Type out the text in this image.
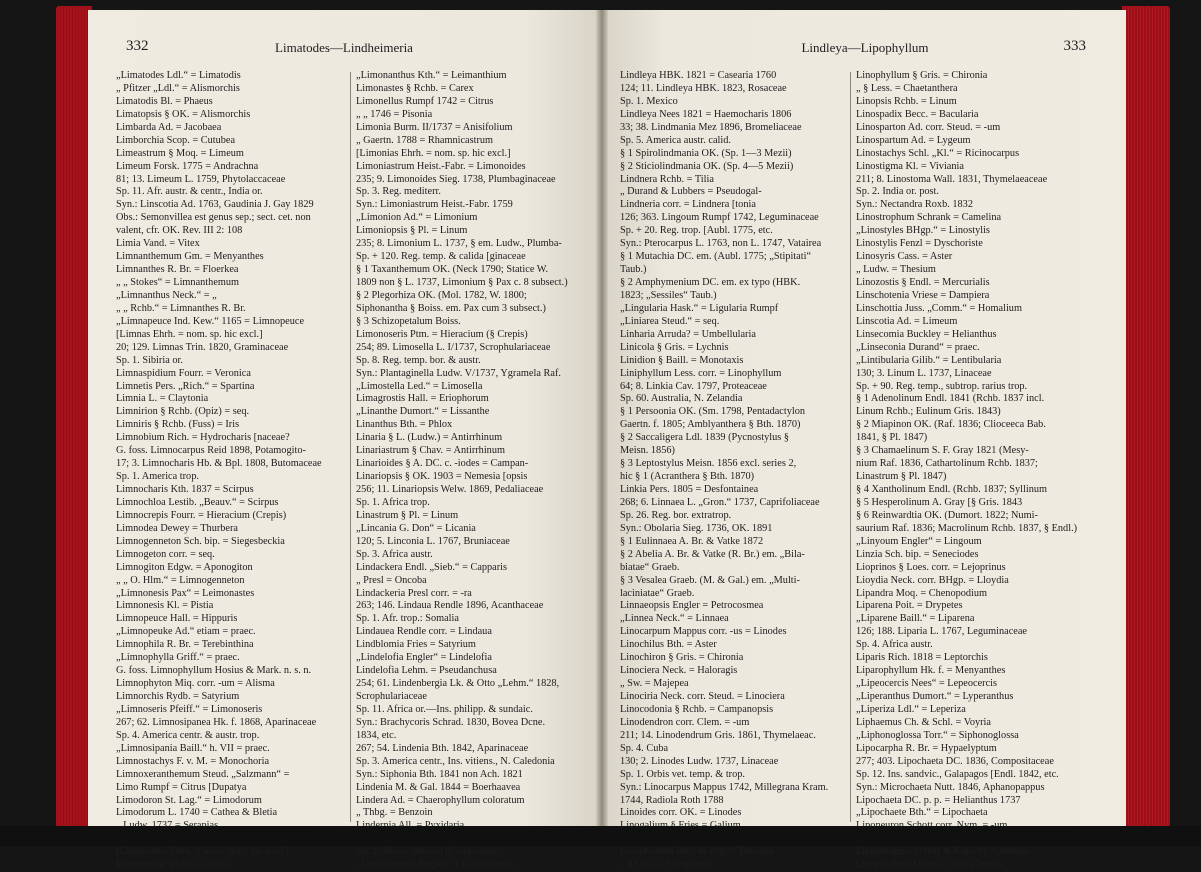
332	Limatodes—Lindheimeria
„Limatodes Ldl.“ = Limatodis
„ Pfitzer „Ldl.“ = Alismorchis
Limatodis Bl. = Phaeus
Limatopsis § OK. = Alismorchis
Limbarda Ad. = Jacobaea
Limborchia Scop. = Cutubea
Limeastrum § Moq. = Limeum
Limeum Forsk. 1775 = Andrachna
81; 13. Limeum L. 1759, Phytolaccaceae
Sp. 11. Afr. austr. & centr., India or.
Syn.: Linscotia Ad. 1763, Gaudinia J. Gay 1829
Obs.: Semonvillea est genus sep.; sect. cet. non
valent, cfr. OK. Rev. III 2: 108
Limia Vand. = Vitex
Limnanthemum Gm. = Menyanthes
Limnanthes R. Br. = Floerkea
„ „ Stokes“ = Limnanthemum
„Limnanthus Neck.“ = „
„ „ Rchb.“ = Limnanthes R. Br.
„Limnapeuce Ind. Kew.“ 1165 = Limnopeuce
[Limnas Ehrh. = nom. sp. hic excl.]
20; 129. Limnas Trin. 1820, Graminaceae
Sp. 1. Sibiria or.
Limnaspidium Fourr. = Veronica
Limnetis Pers. „Rich.“ = Spartina
Limnia L. = Claytonia
Limnirion § Rchb. (Opiz) = seq.
Limniris § Rchb. (Fuss) = Iris
Limnobium Rich. = Hydrocharis [naceae?
G. foss. Limnocarpus Reid 1898, Potamogito-
17; 3. Limnocharis Hb. & Bpl. 1808, Butomaceae
Sp. 1. America trop.
Limnocharis Kth. 1837 = Scirpus
Limnochloa Lestib. „Beauv.“ = Scirpus
Limnocrepis Fourr. = Hieracium (Crepis)
Limnodea Dewey = Thurbera
Limnogenneton Sch. bip. = Siegesbeckia
Limnogeton corr. = seq.
Limnogiton Edgw. = Aponogiton
„ „ O. Hlm.“ = Limnogenneton
„Limnonesis Pax“ = Leimonastes
Limnonesis Kl. = Pistia
Limnopeuce Hall. = Hippuris
„Limnopeuke Ad.“ etiam = praec.
Limnophila R. Br. = Terebinthina
„Limnophylla Griff.“ = praec.
G. foss. Limnophyllum Hosius & Mark. n. s. n.
Limnophyton Miq. corr. -um = Alisma
Limnorchis Rydb. = Satyrium
„Limnoseris Pfeiff.“ = Limonoseris
267; 62. Limnosipanea Hk. f. 1868, Aparinaceae
Sp. 4. America centr. & austr. trop.
„Limnosipania Baill.“ h. VII = praec.
Limnostachys F. v. M. = Monochoria
Limnoxeranthemum Steud. „Salzmann“ =
Limo Rumpf = Citrus [Dupatya
Limodoron St. Lag.“ = Limodorum
Limodorum L. 1740 = Cathea & Bletia
[Limonaetes Ehrh. = nom. spec. hic excl.]
Limonanthe § Link = Scilla
„Limonanthus Kth.“ = Leimanthium
Limonastes § Rchb. = Carex
Limonellus Rumpf 1742 = Citrus
„ „ 1746 = Pisonia
Limonia Burm. II/1737 = Anisifolium
„ Gaertn. 1788 = Rhamnicastrum
[Limonias Ehrh. = nom. sp. hic excl.]
Limoniastrum Heist.-Fabr. = Limonoides
235; 9. Limonoides Sieg. 1738, Plumbaginaceae
Sp. 3. Reg. mediterr.
Syn.: Limoniastrum Heist.-Fabr. 1759
„Limonion Ad.“ = Limonium
Limoniopsis § Pl. = Linum
235; 8. Limonium L. 1737, § em. Ludw., Plumba-
Sp. + 120. Reg. temp. & calida [ginaceae
§ 1 Taxanthemum OK. (Neck 1790; Statice W.
1809 non § L. 1737, Limonium § Pax c. 8 subsect.)
§ 2 Plegorhiza OK. (Mol. 1782, W. 1800;
Siphonantha § Boiss. em. Pax cum 3 subsect.)
§ 3 Schizopetalum Boiss.
Limonoseris Ptm. = Hieracium (§ Crepis)
254; 89. Limosella L. I/1737, Scrophulariaceae
Sp. 8. Reg. temp. bor. & austr.
Syn.: Plantaginella Ludw. V/1737, Ygramela Raf.
„Limostella Led.“ = Limosella
Limagrostis Hall. = Eriophorum
„Linanthe Dumort.“ = Lissanthe
Linanthus Bth. = Phlox
Linaria § L. (Ludw.) = Antirrhinum
Linariastrum § Chav. = Antirrhinum
Linarioides § A. DC. c. -iodes = Campan-
Linariopsis § OK. 1903 = Nemesia [opsis
256; 11. Linariopsis Welw. 1869, Pedaliaceae
Sp. 1. Africa trop.
Linastrum § Pl. = Linum
„Lincania G. Don“ = Licania
120; 5. Linconia L. 1767, Bruniaceae
Sp. 3. Africa austr.
Lindackera Endl. „Sieb.“ = Capparis
„ Presl = Oncoba
Lindackeria Presl corr. = -ra
263; 146. Lindaua Rendle 1896, Acanthaceae
Sp. 1. Afr. trop.: Somalia
Lindauea Rendle corr. = Lindaua
Lindblomia Fries = Satyrium
„Lindelofia Engler“ = Lindelofia
Lindelofia Lehm. = Pseudanchusa
254; 61. Lindenbergia Lk. & Otto „Lehm.“ 1828,
Scrophulariaceae
Sp. 11. Africa or.—Ins. philipp. & sundaic.
Syn.: Brachycoris Schrad. 1830, Bovea Dcne.
1834, etc.
267; 54. Lindenia Bth. 1842, Aparinaceae
Sp. 3. America centr., Ins. vitiens., N. Caledonia
Syn.: Siphonia Bth. 1841 non Ach. 1821
Lindenia M. & Gal. 1844 = Boerhaavea
Lindera Ad. = Chaerophyllum coloratum
„ Thbg. = Benzoin
Sp. 2. Texas, Mexico [Compositae
„Lindheimeria Engler“ = Lindheimera
Lindleya—Lipophyllum	333
Lindleya HBK. 1821 = Casearia 1760
124; 11. Lindleya HBK. 1823, Rosaceae
Sp. 1. Mexico
Lindleya Nees 1821 = Haemocharis 1806
33; 38. Lindmania Mez 1896, Bromeliaceae
Sp. 5. America austr. calid.
§ 1 Spirolindmania OK. (Sp. 1—3 Mezii)
§ 2 Sticiolindmania OK. (Sp. 4—5 Mezii)
Lindnera Rchb. = Tilia
„ Durand & Lubbers = Pseudogal-
Lindneria corr. = Lindnera [tonia
126; 363. Lingoum Rumpf 1742, Leguminaceae
Sp. + 20. Reg. trop. [Aubl. 1775, etc.
Syn.: Pterocarpus L. 1763, non L. 1747, Vatairea
§ 1 Mutachia DC. em. (Aubl. 1775; „Stipitati“
Taub.)
§ 2 Amphymenium DC. em. ex typo (HBK.
1823; „Sessiles“ Taub.)
„Lingularia Hask.“ = Ligularia Rumpf
„Liniarea Steud.“ = seq.
Linharia Arruda? = Umbellularia
Linicola § Gris. = Lychnis
Linidion § Baill. = Monotaxis
Liniphyllum Less. corr. = Linophyllum
64; 8. Linkia Cav. 1797, Proteaceae
Sp. 60. Australia, N. Zelandia
§ 1 Persoonia OK. (Sm. 1798, Pentadactylon
Gaertn. f. 1805; Amblyanthera § Bth. 1870)
§ 2 Saccaligera Ldl. 1839 (Pycnostylus §
Meisn. 1856)
§ 3 Leptostylus Meisn. 1856 excl. series 2,
hic § 1 (Acranthera § Bth. 1870)
Linkia Pers. 1805 = Desfontainea
268; 6. Linnaea L. „Gron.“ 1737, Caprifoliaceae
Sp. 26. Reg. bor. extratrop.
Syn.: Obolaria Sieg. 1736, OK. 1891
§ 1 Eulinnaea A. Br. & Vatke 1872
§ 2 Abelia A. Br. & Vatke (R. Br.) em. „Bila-
biatae“ Graeb.
§ 3 Vesalea Graeb. (M. & Gal.) em. „Multi-
laciniatae“ Graeb.
Linnaeopsis Engler = Petrocosmea
„Linnea Neck.“ = Linnaea
Linocarpum Mappus corr. -us = Linodes
Linochilus Bth. = Aster
Linochiron § Gris. = Chironia
Linociera Neck. = Haloragis
„ Sw. = Majepea
Linociria Neck. corr. Steud. = Linociera
Linocodonia § Rchb. = Campanopsis
Linodendron corr. Clem. = -um
211; 14. Linodendrum Gris. 1861, Thymelaeac.
Sp. 4. Cuba
130; 2. Linodes Ludw. 1737, Linaceae
Sp. 1. Orbis vet. temp. & trop.
Syn.: Linocarpus Mappus 1742, Millegrana Kram.
1744, Radiola Roth 1788
Linoides corr. OK. = Linodes
Linophyllum Bub. & Pzg. = Thesium
„ § Gris. = Campanula
Linophyllum § Gris. = Chironia
„ § Less. = Chaetanthera
Linopsis Rchb. = Linum
Linospadix Becc. = Bacularia
Linosparton Ad. corr. Steud. = -um
Linospartum Ad. = Lygeum
Linostachys Schl. „Kl.“ = Ricinocarpus
Linostigma Kl. = Viviania
211; 8. Linostoma Wall. 1831, Thymelaeaceae
Sp. 2. India or. post.
Syn.: Nectandra Roxb. 1832
Linostrophum Schrank = Camelina
„Linostyles BHgp.“ = Linostylis
Linostylis Fenzl = Dyschoriste
Linosyris Cass. = Aster
„ Ludw. = Thesium
Linozostis § Endl. = Mercurialis
Linschotenia Vriese = Dampiera
Linschottia Juss. „Comm.“ = Homalium
Linscotia Ad. = Limeum
Linsecomia Buckley = Helianthus
„Linseconia Durand“ = praec.
„Lintibularia Gilib.“ = Lentibularia
130; 3. Linum L. 1737, Linaceae
Sp. + 90. Reg. temp., subtrop. rarius trop.
§ 1 Adenolinum Endl. 1841 (Rchb. 1837 incl.
Linum Rchb.; Eulinum Gris. 1843)
§ 2 Miapinon OK. (Raf. 1836; Clioceeca Bab.
1841, § Pl. 1847)
§ 3 Chamaelinum S. F. Gray 1821 (Mesy-
nium Raf. 1836, Cathartolinum Rchb. 1837;
Linastrum § Pl. 1847)
§ 4 Xantholinum Endl. (Rchb. 1837; Syllinum
§ 5 Hesperolinum A. Gray [§ Gris. 1843
§ 6 Reinwardtia OK. (Dumort. 1822; Numi-
saurium Raf. 1836; Macrolinum Rchb. 1837, § Endl.)
„Linyoum Engler“ = Lingoum
Linzia Sch. bip. = Seneciodes
Lioprinos § Loes. corr. = Lejoprinus
Lioydia Neck. corr. BHgp. = Lloydia
Lipandra Moq. = Chenopodium
Liparena Poit. = Drypetes
„Liparene Baill.“ = Liparena
126; 188. Liparia L. 1767, Leguminaceae
Sp. 4. Africa austr.
Liparis Rich. 1818 = Leptorchis
Liparophyllum Hk. f. = Menyanthes
„Lipeocercis Nees“ = Lepeocercis
„Liperanthus Dumort.“ = Lyperanthus
„Liperiza Ldl.“ = Leperiza
Liphaemus Ch. & Schl. = Voyria
„Liphonoglossa Torr.“ = Siphonoglossa
Lipocarpha R. Br. = Hypaelyptum
277; 403. Lipochaeta DC. 1836, Compositaceae
Sp. 12. Ins. sandvic., Galapagos [Endl. 1842, etc.
Syn.: Microchaeta Nutt. 1846, Aphanopappus
Lipochaeta DC. p. p. = Helianthus 1737
„Lipochaete Bth.“ = Lipochaeta
Lipophragma Schott & Kotschy = Aethio-
Lipophyllum Miers = Clusia [nema
